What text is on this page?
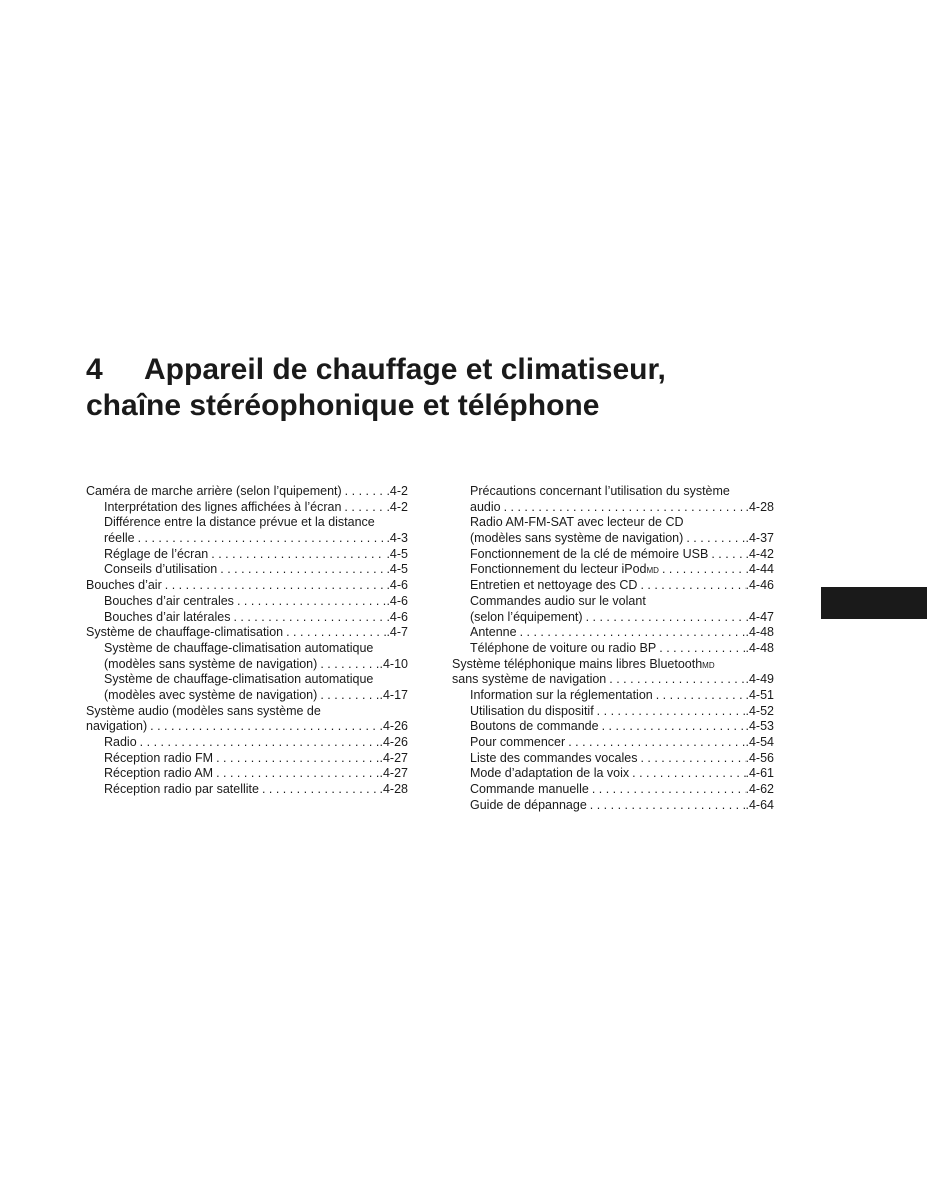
4 Appareil de chauffage et climatiseur,
chaîne stéréophonique et téléphone
Caméra de marche arrière (selon l’quipement) . . .	.4-2
Interprétation des lignes affichées à l’écran . . .	.4-2
Différence entre la distance prévue et la distance
réelle . . .	.4-3
Réglage de l’écran . . .	.4-5
Conseils d’utilisation . . .	.4-5
Bouches d’air . . .	.4-6
Bouches d’air centrales . . .	.4-6
Bouches d’air latérales . . .	.4-6
Système de chauffage-climatisation . . .	.4-7
Système de chauffage-climatisation automatique
(modèles sans système de navigation) . . .	.4-10
Système de chauffage-climatisation automatique
(modèles avec système de navigation) . . .	.4-17
Système audio (modèles sans système de
navigation) . . .	.4-26
Radio . . .	.4-26
Réception radio FM . . .	.4-27
Réception radio AM . . .	.4-27
Réception radio par satellite . . .	.4-28
Précautions concernant l’utilisation du système
audio . . .	.4-28
Radio AM-FM-SAT avec lecteur de CD
(modèles sans système de navigation) . . .	.4-37
Fonctionnement de la clé de mémoire USB . . .	.4-42
Fonctionnement du lecteur iPod MD . . .	.4-44
Entretien et nettoyage des CD . . .	.4-46
Commandes audio sur le volant
(selon l’équipement) . . .	.4-47
Antenne . . .	.4-48
Téléphone de voiture ou radio BP . . .	.4-48
Système téléphonique mains libres Bluetooth MD
sans système de navigation . . .	.4-49
Information sur la réglementation . . .	.4-51
Utilisation du dispositif . . .	.4-52
Boutons de commande . . .	.4-53
Pour commencer . . .	.4-54
Liste des commandes vocales . . .	.4-56
Mode d’adaptation de la voix . . .	.4-61
Commande manuelle . . .	.4-62
Guide de dépannage . . .	.4-64
